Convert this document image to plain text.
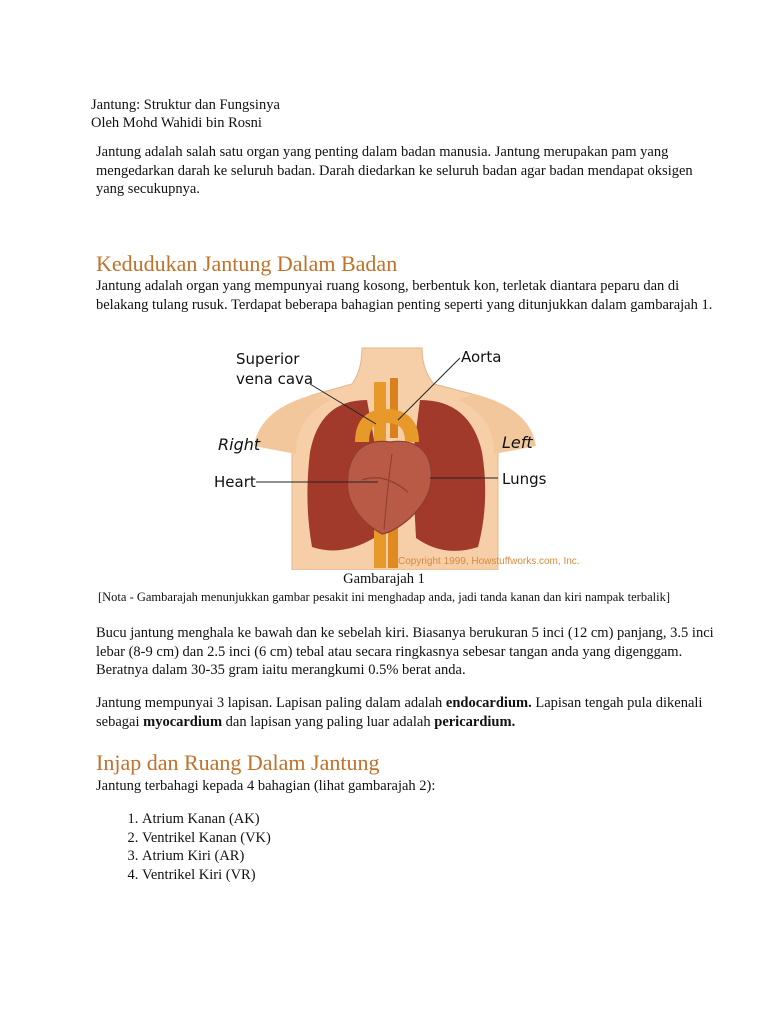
Jantung: Struktur dan Fungsinya
Oleh Mohd Wahidi bin Rosni

Jantung adalah salah satu organ yang penting dalam badan manusia. Jantung merupakan pam yang mengedarkan darah ke seluruh badan. Darah diedarkan ke seluruh badan agar badan mendapat oksigen yang secukupnya.

Kedudukan Jantung Dalam Badan

Jantung adalah organ yang mempunyai ruang kosong, berbentuk kon, terletak diantara peparu dan di belakang tulang rusuk. Terdapat beberapa bahagian penting seperti yang ditunjukkan dalam gambarajah 1.

Superior
vena cava
Aorta
Right	Left
Heart	Lungs
Copyright 1999, Howstuffworks.com, Inc.
Gambarajah 1
[Nota - Gambarajah menunjukkan gambar pesakit ini menghadap anda, jadi tanda kanan dan kiri nampak terbalik]

Bucu jantung menghala ke bawah dan ke sebelah kiri. Biasanya berukuran 5 inci (12 cm) panjang, 3.5 inci lebar (8-9 cm) dan 2.5 inci (6 cm) tebal atau secara ringkasnya sebesar tangan anda yang digenggam. Beratnya dalam 30-35 gram iaitu merangkumi 0.5% berat anda.

Jantung mempunyai 3 lapisan. Lapisan paling dalam adalah endocardium. Lapisan tengah pula dikenali sebagai myocardium dan lapisan yang paling luar adalah pericardium.

Injap dan Ruang Dalam Jantung

Jantung terbahagi kepada 4 bahagian (lihat gambarajah 2):

1. Atrium Kanan (AK)
2. Ventrikel Kanan (VK)
3. Atrium Kiri (AR)
4. Ventrikel Kiri (VR)
